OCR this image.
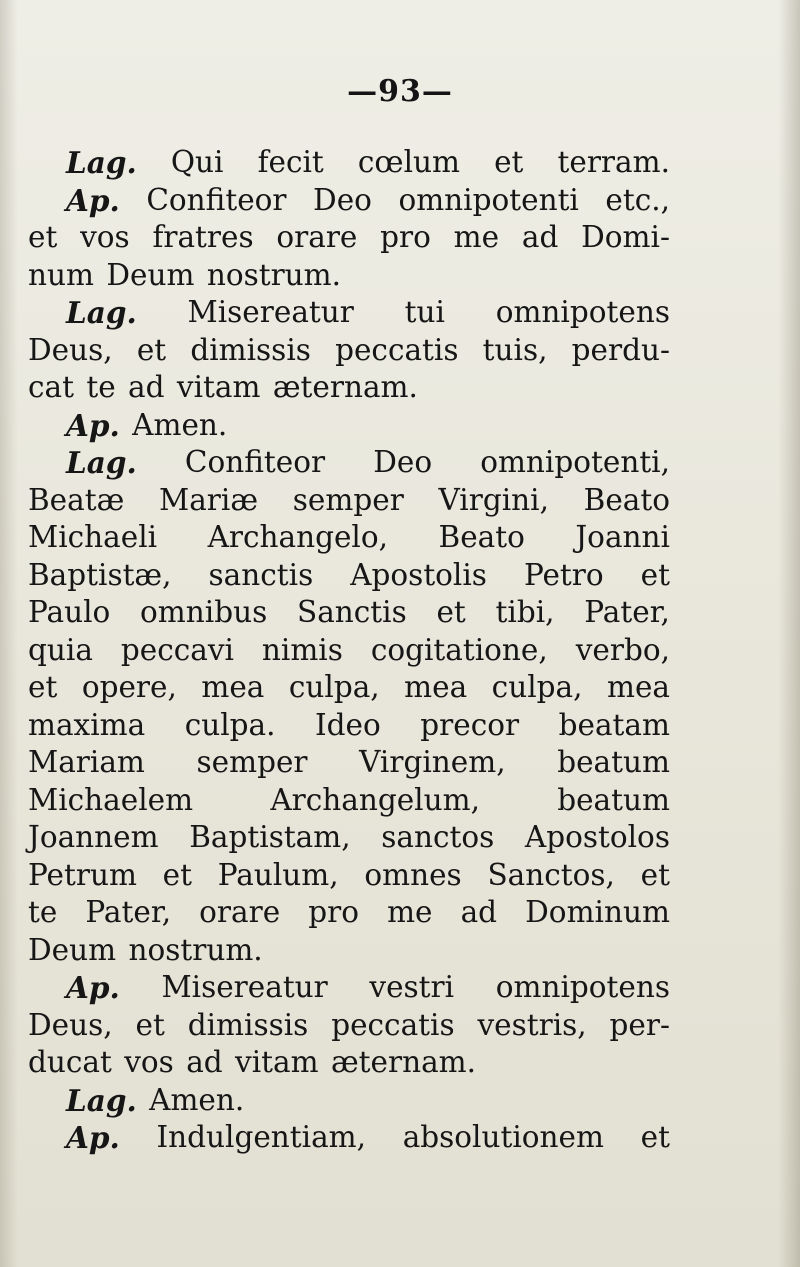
—93—
Lag. Qui fecit cœlum et terram.
Ap. Confiteor Deo omnipotenti etc.,
et vos fratres orare pro me ad Domi-
num Deum nostrum.
Lag. Misereatur tui omnipotens
Deus, et dimissis peccatis tuis, perdu-
cat te ad vitam æternam.
Ap. Amen.
Lag. Confiteor Deo omnipotenti,
Beatæ Mariæ semper Virgini, Beato
Michaeli Archangelo, Beato Joanni
Baptistæ, sanctis Apostolis Petro et
Paulo omnibus Sanctis et tibi, Pater,
quia peccavi nimis cogitatione, verbo,
et opere, mea culpa, mea culpa, mea
maxima culpa. Ideo precor beatam
Mariam semper Virginem, beatum
Michaelem	Archangelum,	beatum
Joannem Baptistam, sanctos Apostolos
Petrum et Paulum, omnes Sanctos, et
te Pater, orare pro me ad Dominum
Deum nostrum.
Ap. Misereatur vestri omnipotens
Deus, et dimissis peccatis vestris, per-
ducat vos ad vitam æternam.
Lag. Amen.
Ap. Indulgentiam, absolutionem et
